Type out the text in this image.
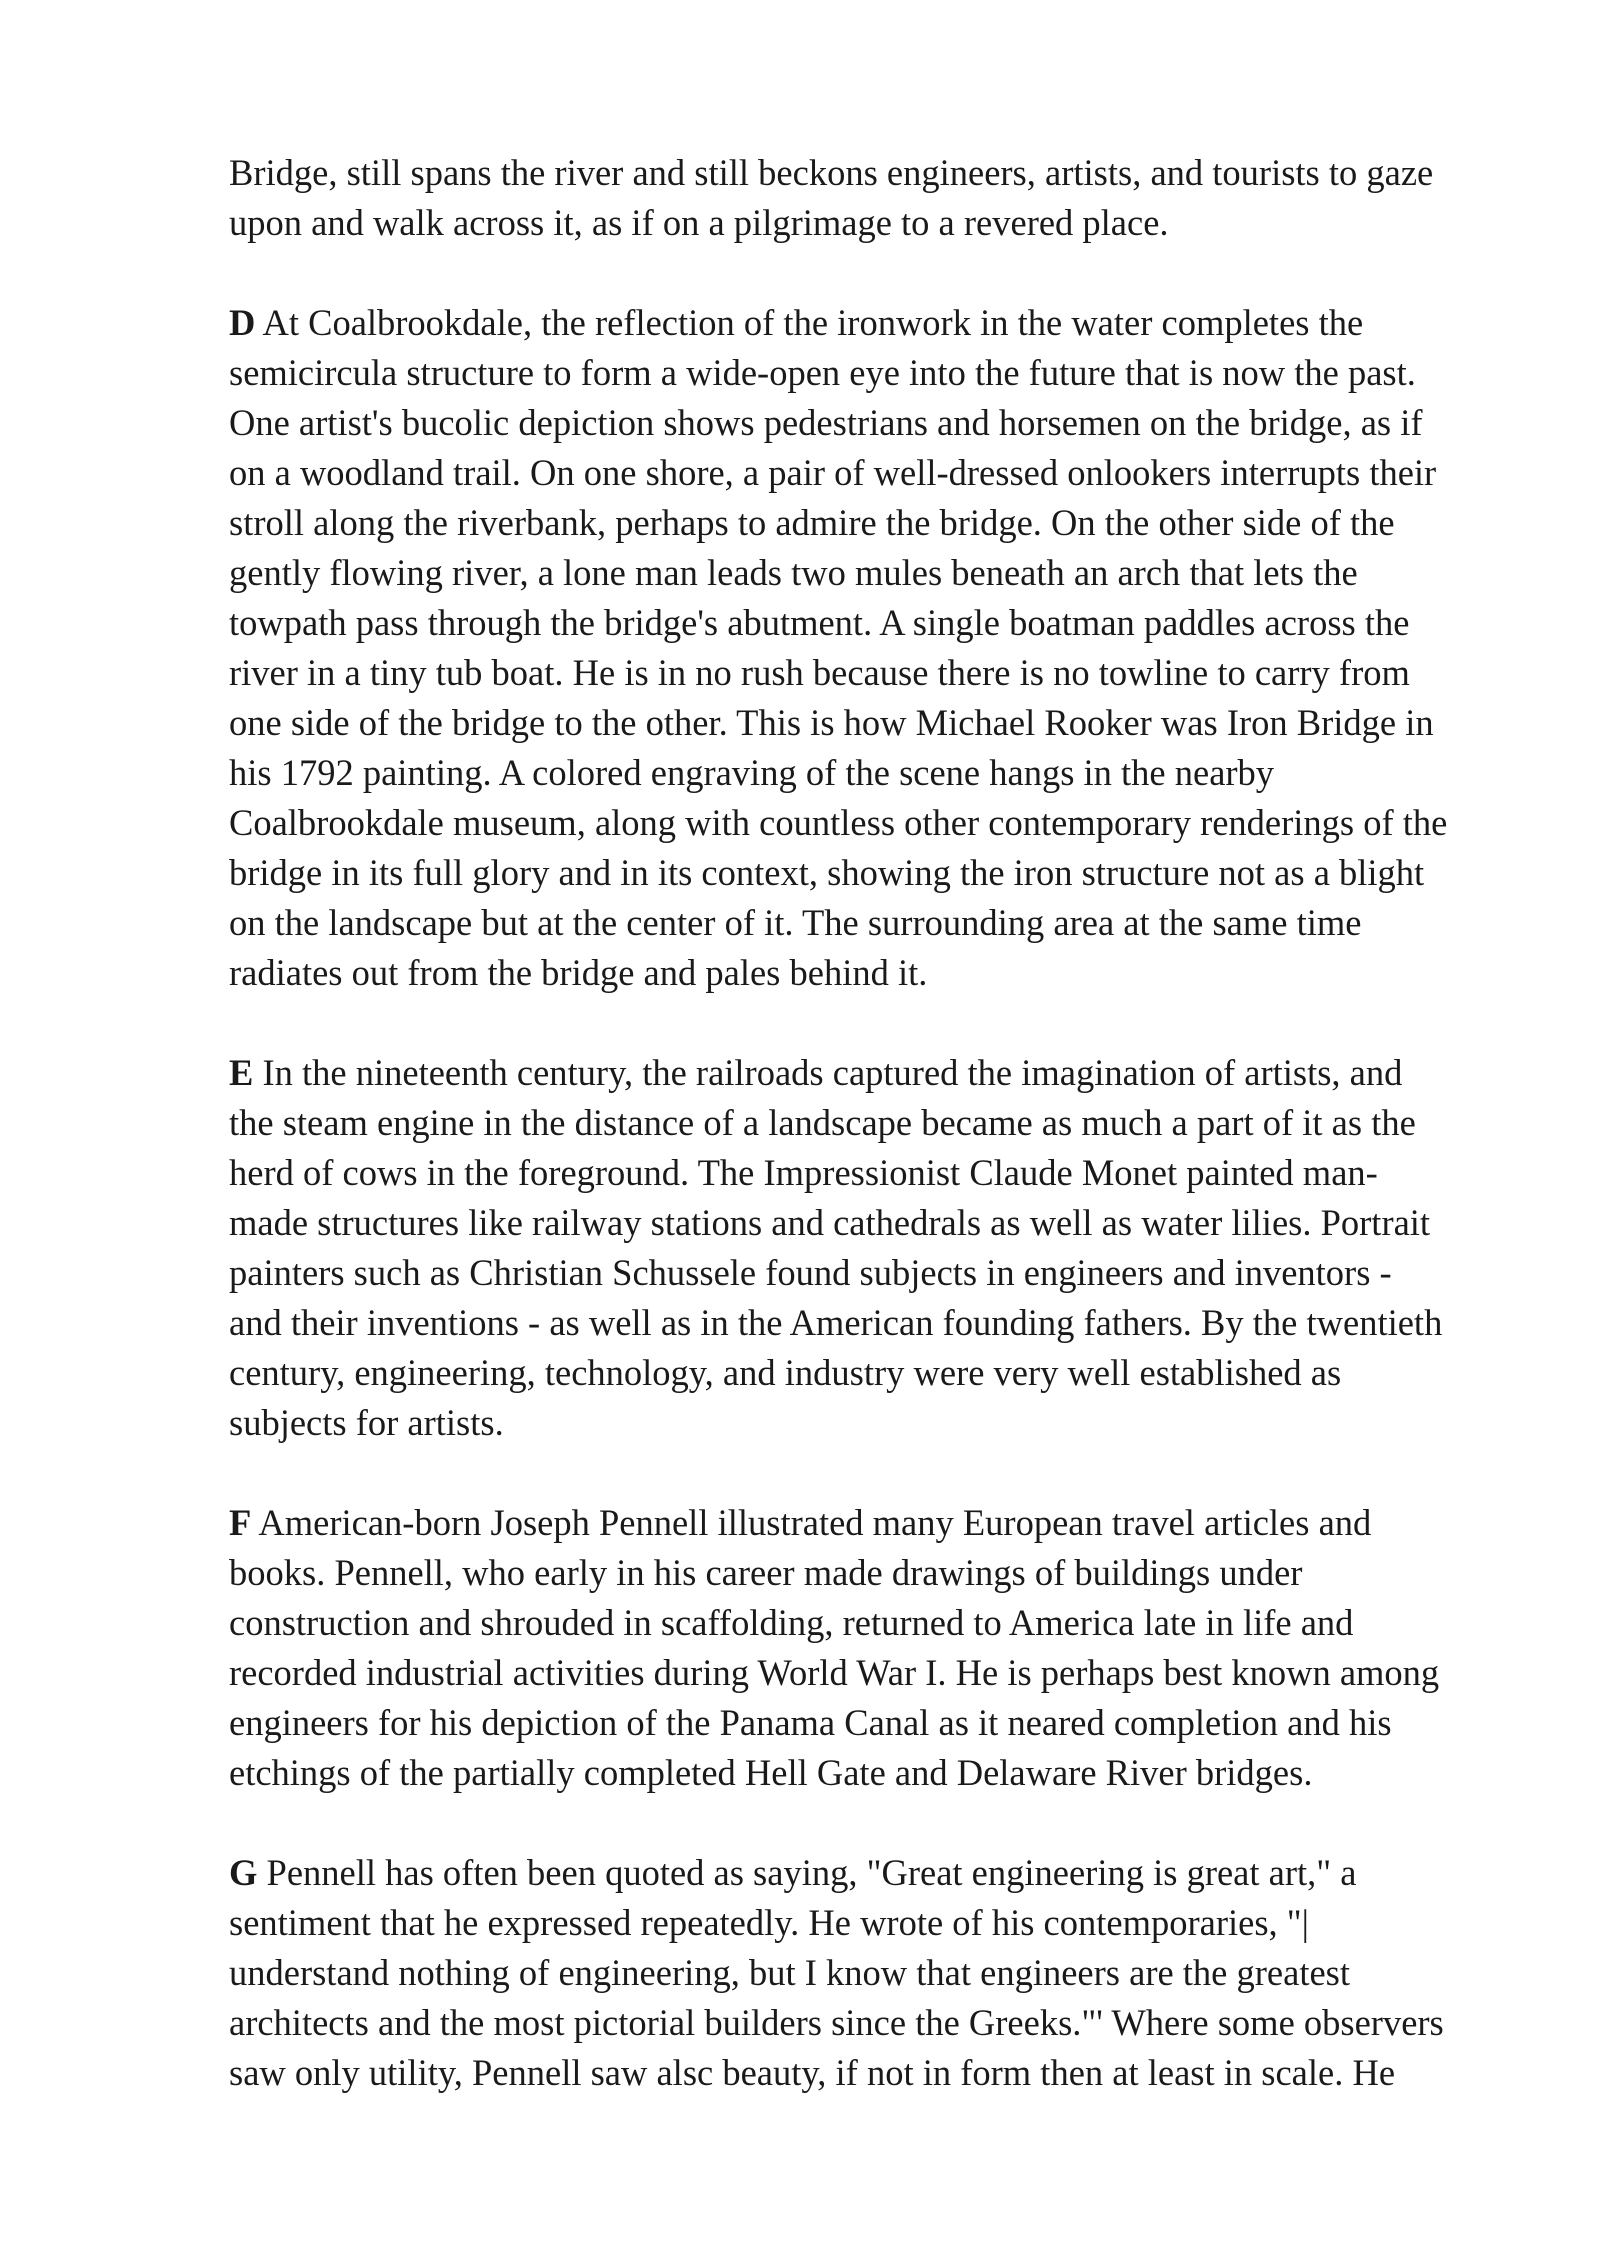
Bridge, still spans the river and still beckons engineers, artists, and tourists to gaze
upon and walk across it, as if on a pilgrimage to a revered place.
D At Coalbrookdale, the reflection of the ironwork in the water completes the
semicircula structure to form a wide-open eye into the future that is now the past.
One artist's bucolic depiction shows pedestrians and horsemen on the bridge, as if
on a woodland trail. On one shore, a pair of well-dressed onlookers interrupts their
stroll along the riverbank, perhaps to admire the bridge. On the other side of the
gently flowing river, a lone man leads two mules beneath an arch that lets the
towpath pass through the bridge's abutment. A single boatman paddles across the
river in a tiny tub boat. He is in no rush because there is no towline to carry from
one side of the bridge to the other. This is how Michael Rooker was Iron Bridge in
his 1792 painting. A colored engraving of the scene hangs in the nearby
Coalbrookdale museum, along with countless other contemporary renderings of the
bridge in its full glory and in its context, showing the iron structure not as a blight
on the landscape but at the center of it. The surrounding area at the same time
radiates out from the bridge and pales behind it.
E In the nineteenth century, the railroads captured the imagination of artists, and
the steam engine in the distance of a landscape became as much a part of it as the
herd of cows in the foreground. The Impressionist Claude Monet painted man-
made structures like railway stations and cathedrals as well as water lilies. Portrait
painters such as Christian Schussele found subjects in engineers and inventors -
and their inventions - as well as in the American founding fathers. By the twentieth
century, engineering, technology, and industry were very well established as
subjects for artists.
F American-born Joseph Pennell illustrated many European travel articles and
books. Pennell, who early in his career made drawings of buildings under
construction and shrouded in scaffolding, returned to America late in life and
recorded industrial activities during World War I. He is perhaps best known among
engineers for his depiction of the Panama Canal as it neared completion and his
etchings of the partially completed Hell Gate and Delaware River bridges.
G Pennell has often been quoted as saying, "Great engineering is great art," a
sentiment that he expressed repeatedly. He wrote of his contemporaries, "|
understand nothing of engineering, but I know that engineers are the greatest
architects and the most pictorial builders since the Greeks."' Where some observers
saw only utility, Pennell saw alsc beauty, if not in form then at least in scale. He
